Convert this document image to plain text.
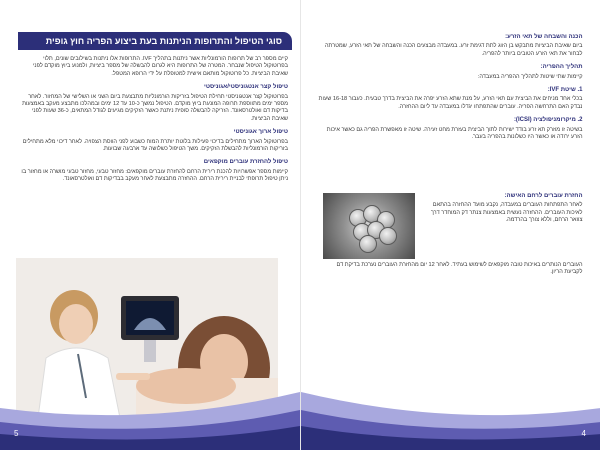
סוגי הטיפול והתרופות הניתנות בעת ביצוע הפריה חוץ גופית

קיים מספר רב של תרופות הורמונליות אשר ניתנות בתהליך IVF. התרופות אלו ניתנות בשילובים שונים, תלוי בפרוטוקול הטיפול שנבחר. המטרה של התרופות היא לגרום להבשלה של מספר ביציות, ולמנוע ביוץ מוקדם לפני שאיבת הביציות. כל פרוטוקול מותאם אישית למטופלת על ידי הרופא המטפל.

טיפול קצר אנטגוניסטי/אגוניסטי

בפרוטוקול קצר אנטגוניסטי תחילת הטיפול בזריקות הורמונליות מתבצעת ביום השני או השלישי של המחזור. לאחר מספר ימים מתווספת תרופה המונעת ביוץ מוקדם. הטיפול נמשך כ-10 עד 12 ימים ובמהלכו מתבצע מעקב באמצעות בדיקות דם ואולטרסאונד. הזריקה להבשלה סופית ניתנת כאשר הזקיקים מגיעים לגודל המתאים, כ-36 שעות לפני שאיבת הביציות.

טיפול ארוך אגוניסטי

בפרוטוקול הארוך מתחילים בדיכוי פעילות בלוטת יותרת המוח כשבוע לפני הווסת הצפויה. לאחר דיכוי מלא מתחילים בזריקות הורמונליות להבשלת הזקיקים. משך הטיפול כשלושה עד ארבעה שבועות.

טיפול להחזרת עוברים מוקפאים

קיימות מספר אפשרויות להכנת רירית הרחם להחזרת עוברים מוקפאים: מחזור טבעי, מחזור טבעי מושרה או מחזור בו ניתן טיפול תרופתי לבניית רירית הרחם. ההחזרה מתבצעת לאחר מעקב בבדיקות דם ואולטרסאונד.

5
הכנה והשבחה של תאי הזרע:

ביום שאיבת הביציות מתבקש בן הזוג לתת דגימת זרע. במעבדה מבצעים הכנה והשבחה של תאי הזרע, שמטרתה לבחור את תאי הזרע הטובים ביותר להפריה.

תהליך ההפריה:

קיימות שתי שיטות לתהליך ההפריה במעבדה:

1. שיטת IVF:

בכלי אחד מניחים את הביצית עם תאי הזרע, על מנת שתא הזרע יפרה את הביצית בדרך טבעית. כעבור 16-18 שעות נבדק האם התרחשה הפריה. עוברים שהתפתחו יגדלו במעבדה עד ליום ההחזרה.

2. מיקרומניפולציה (ICSI):

בשיטה זו מוזרק תא זרע בודד ישירות לתוך הביצית בעזרת מחט זעירה. שיטה זו מאפשרת הפריה גם כאשר איכות הזרע ירודה או כאשר היו כשלונות בהפריה בעבר.

החזרת עוברים לרחם האישה:

לאחר התפתחות העוברים במעבדה, נקבע מועד ההחזרה בהתאם לאיכות העוברים. ההחזרה נעשית באמצעות צנתר דק המוחדר דרך צוואר הרחם, וללא צורך בהרדמה.

העוברים הנותרים באיכות טובה מוקפאים לשימוש בעתיד. לאחר 12 יום מהחזרת העוברים נערכת בדיקת דם לקביעת הריון.

4
